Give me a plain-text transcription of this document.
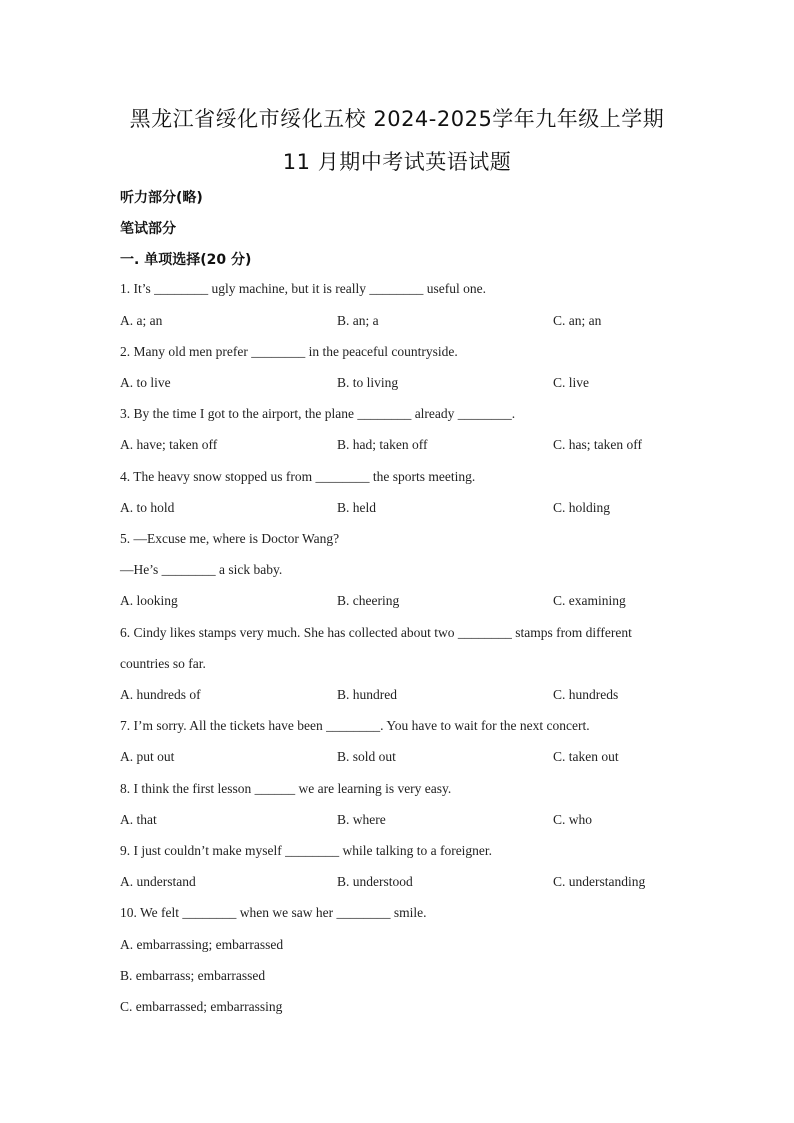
黑龙江省绥化市绥化五校 2024-2025学年九年级上学期
11 月期中考试英语试题
听力部分(略)
笔试部分
一. 单项选择(20 分)
1. It’s ________ ugly machine, but it is really ________ useful one.
A. a; an	B. an; a	C. an; an
2. Many old men prefer ________ in the peaceful countryside.
A. to live	B. to living	C. live
3. By the time I got to the airport, the plane ________ already ________.
A. have; taken off	B. had; taken off	C. has; taken off
4. The heavy snow stopped us from ________ the sports meeting.
A. to hold	B. held	C. holding
5. —Excuse me, where is Doctor Wang?
—He’s ________ a sick baby.
A. looking	B. cheering	C. examining
6. Cindy likes stamps very much. She has collected about two ________ stamps from different
countries so far.
A. hundreds of	B. hundred	C. hundreds
7. I’m sorry. All the tickets have been ________. You have to wait for the next concert.
A. put out	B. sold out	C. taken out
8. I think the first lesson ______ we are learning is very easy.
A. that	B. where	C. who
9. I just couldn’t make myself ________ while talking to a foreigner.
A. understand	B. understood	C. understanding
10. We felt ________ when we saw her ________ smile.
A. embarrassing; embarrassed
B. embarrass; embarrassed
C. embarrassed; embarrassing
